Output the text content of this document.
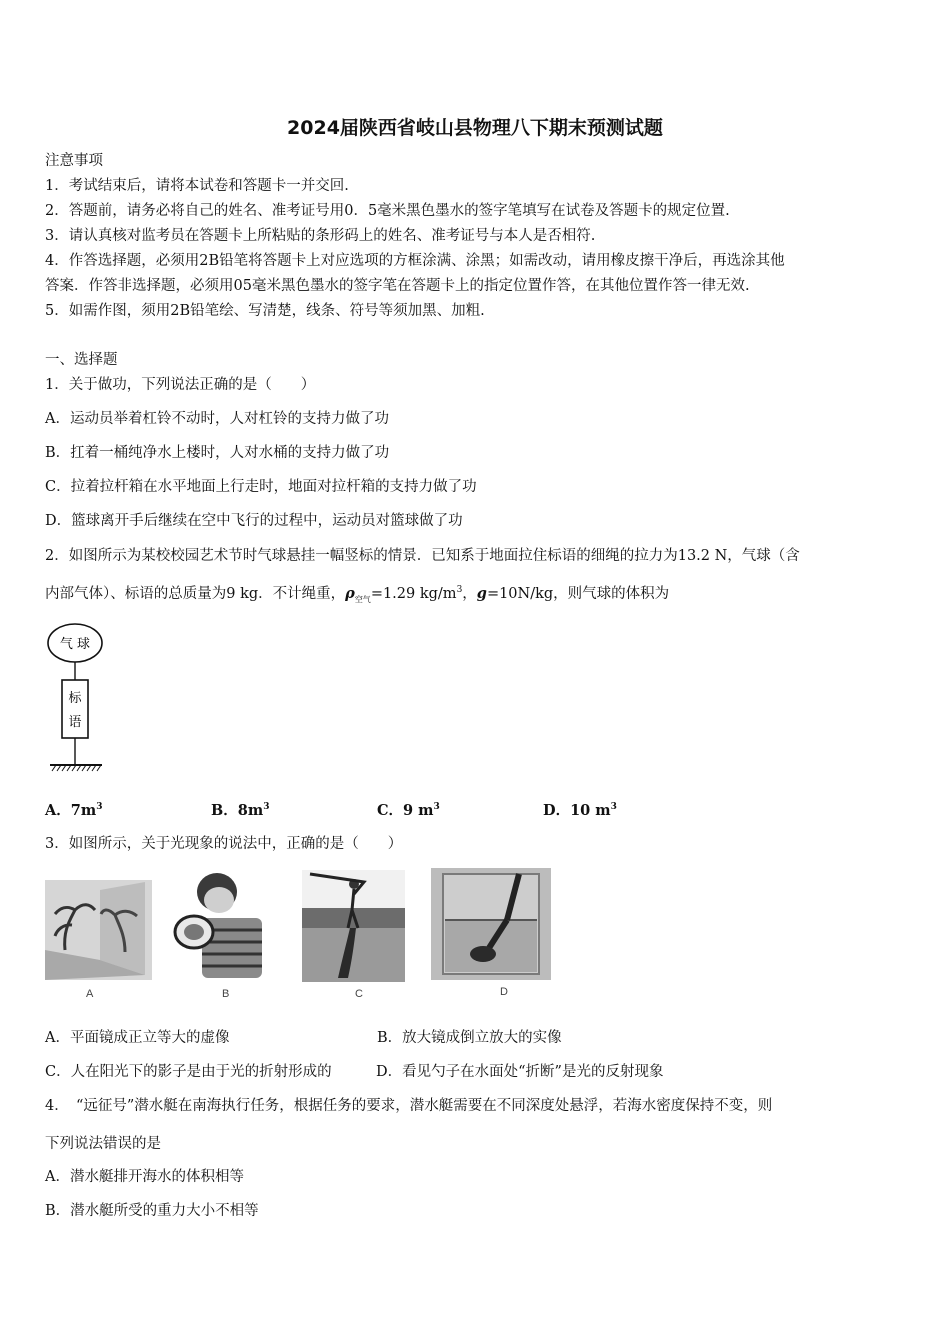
2024届陕西省岐山县物理八下期末预测试题
注意事项
1．考试结束后，请将本试卷和答题卡一并交回.
2．答题前，请务必将自己的姓名、准考证号用0．5毫米黑色墨水的签字笔填写在试卷及答题卡的规定位置.
3．请认真核对监考员在答题卡上所粘贴的条形码上的姓名、准考证号与本人是否相符.
4．作答选择题，必须用2B铅笔将答题卡上对应选项的方框涂满、涂黑；如需改动，请用橡皮擦干净后，再选涂其他
答案．作答非选择题，必须用05毫米黑色墨水的签字笔在答题卡上的指定位置作答，在其他位置作答一律无效.
5．如需作图，须用2B铅笔绘、写清楚，线条、符号等须加黑、加粗.
一、选择题
1．关于做功，下列说法正确的是（　　）
A．运动员举着杠铃不动时，人对杠铃的支持力做了功
B．扛着一桶纯净水上楼时，人对水桶的支持力做了功
C．拉着拉杆箱在水平地面上行走时，地面对拉杆箱的支持力做了功
D．篮球离开手后继续在空中飞行的过程中，运动员对篮球做了功
2．如图所示为某校校园艺术节时气球悬挂一幅竖标的情景．已知系于地面拉住标语的细绳的拉力为13.2 N，气球（含
内部气体）、标语的总质量为9 kg．不计绳重，$\rho_{空气}=1.29$ $kg/m^3$，g=10N/kg，则气球的体积为
气 球
标
语
A．$7m^3$	B．$8m^3$	C．9 $m^3$	D．10 $m^3$
3．如图所示，关于光现象的说法中，正确的是（　　）
A	B	C	D
A．平面镜成正立等大的虚像	B．放大镜成倒立放大的实像
C．人在阳光下的影子是由于光的折射形成的	D．看见勺子在水面处“折断”是光的反射现象
4．　“远征号”潜水艇在南海执行任务，根据任务的要求，潜水艇需要在不同深度处悬浮，若海水密度保持不变，则
下列说法错误的是
A．潜水艇排开海水的体积相等
B．潜水艇所受的重力大小不相等
